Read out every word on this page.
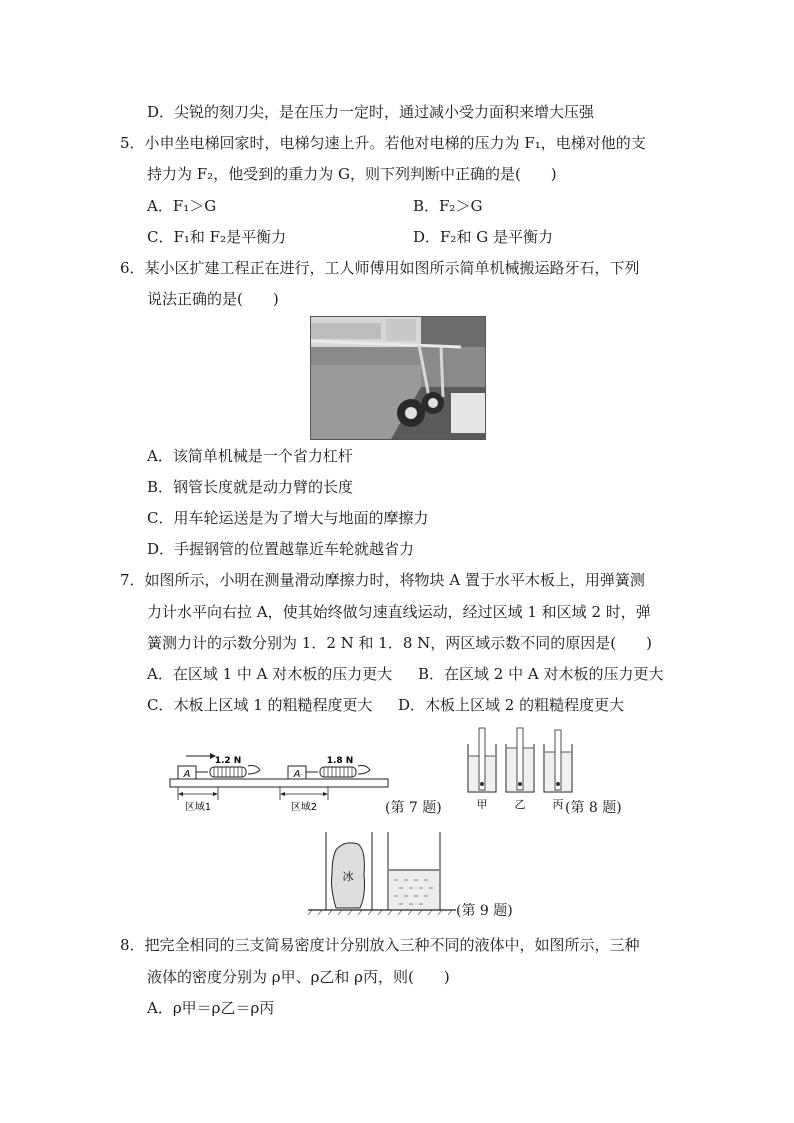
D．尖锐的刻刀尖，是在压力一定时，通过减小受力面积来增大压强
5．小申坐电梯回家时，电梯匀速上升。若他对电梯的压力为 F₁，电梯对他的支
持力为 F₂，他受到的重力为 G，则下列判断中正确的是(　　)
A．F₁＞G	B．F₂＞G
C．F₁和 F₂是平衡力	D．F₂和 G 是平衡力
6．某小区扩建工程正在进行，工人师傅用如图所示简单机械搬运路牙石，下列
说法正确的是(　　)
A．该简单机械是一个省力杠杆
B．钢管长度就是动力臂的长度
C．用车轮运送是为了增大与地面的摩擦力
D．手握钢管的位置越靠近车轮就越省力
7．如图所示，小明在测量滑动摩擦力时，将物块 A 置于水平木板上，用弹簧测
力计水平向右拉 A，使其始终做匀速直线运动，经过区域 1 和区域 2 时，弹
簧测力计的示数分别为 1．2 N 和 1．8 N，两区域示数不同的原因是(　　)
A．在区域 1 中 A 对木板的压力更大 B．在区域 2 中 A 对木板的压力更大
C．木板上区域 1 的粗糙程度更大 D．木板上区域 2 的粗糙程度更大
A
1.2 N
A
1.8 N
区域1	区域2	(第 7 题)	甲 乙 丙 (第 8 题)
冰
(第 9 题)
8．把完全相同的三支简易密度计分别放入三种不同的液体中，如图所示，三种
液体的密度分别为 ρ甲、ρ乙和 ρ丙，则(　　)
A．ρ甲＝ρ乙＝ρ丙
